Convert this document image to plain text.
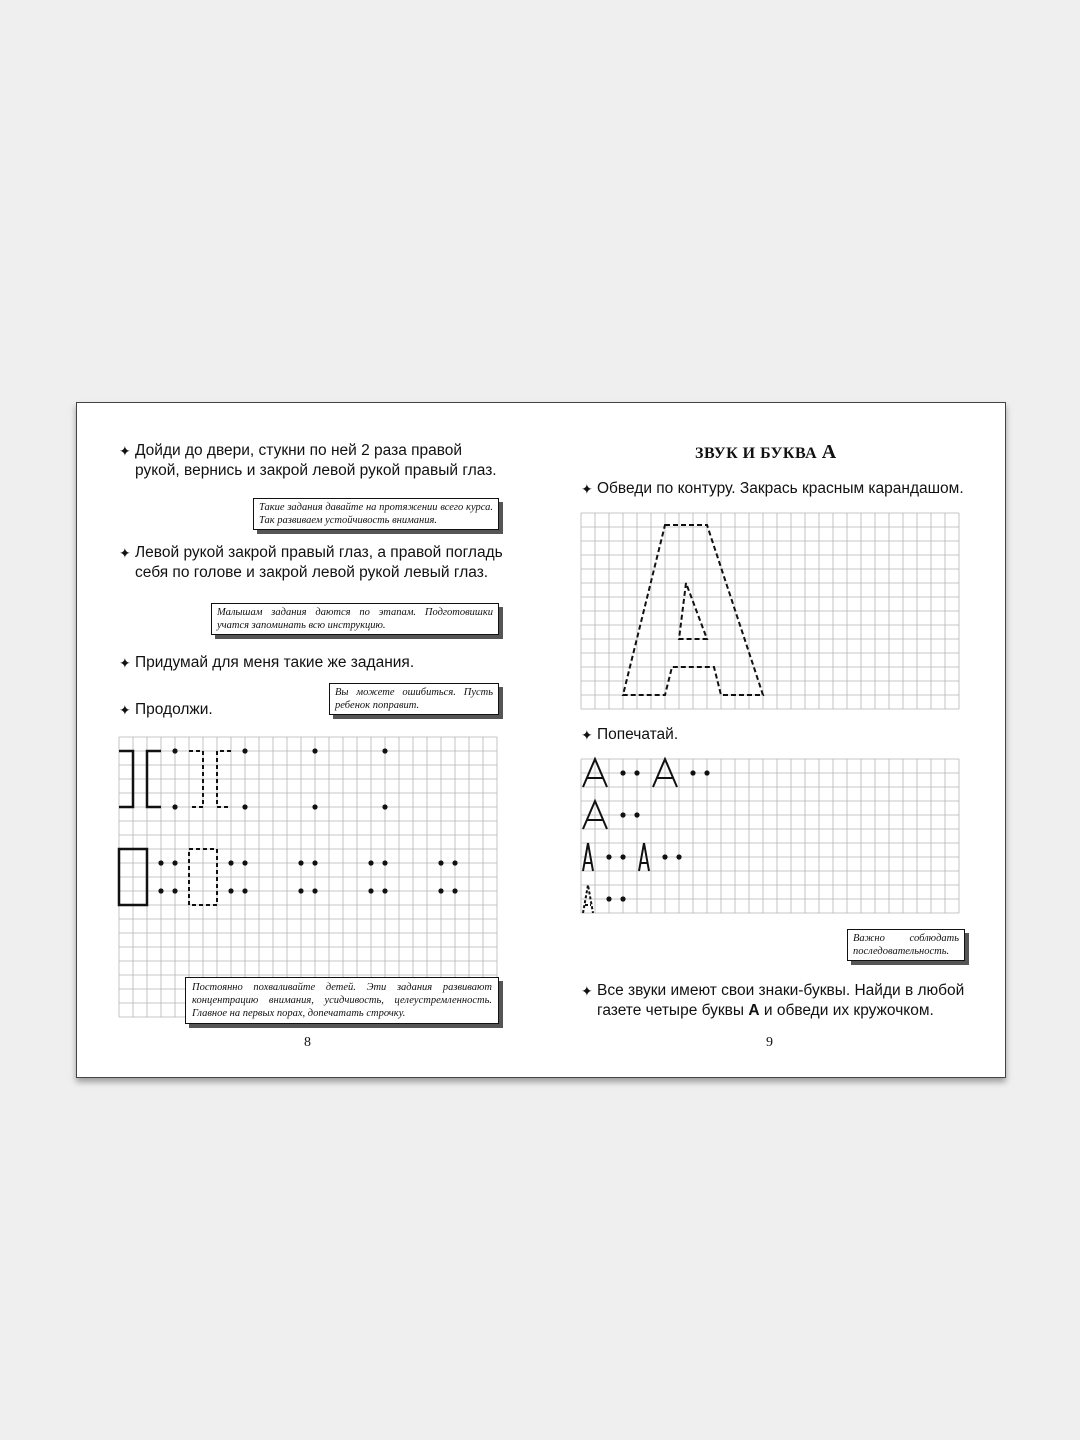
✦ Дойди до двери, стукни по ней 2 раза правой рукой, вернись и закрой левой рукой правый глаз.
Такие задания давайте на протяжении всего курса. Так развиваем устойчивость внимания.
✦ Левой рукой закрой правый глаз, а правой погладь себя по голове и закрой левой рукой левый глаз.
Малышам задания даются по этапам. Подготовишки учатся запоминать всю инструкцию.
✦ Придумай для меня такие же задания.
✦ Продолжи.
Вы можете ошибиться. Пусть ребенок поправит.
Постоянно похваливайте детей. Эти задания развивают концентрацию внимания, усидчивость, целеустремленность. Главное на первых порах, допечатать строчку.
8
ЗВУК И БУКВА А
✦ Обведи по контуру. Закрась красным карандашом.
✦ Попечатай.
Важно соблюдать последовательность.
✦ Все звуки имеют свои знаки-буквы. Найди в любой газете четыре буквы А и обведи их кружочком.
9
